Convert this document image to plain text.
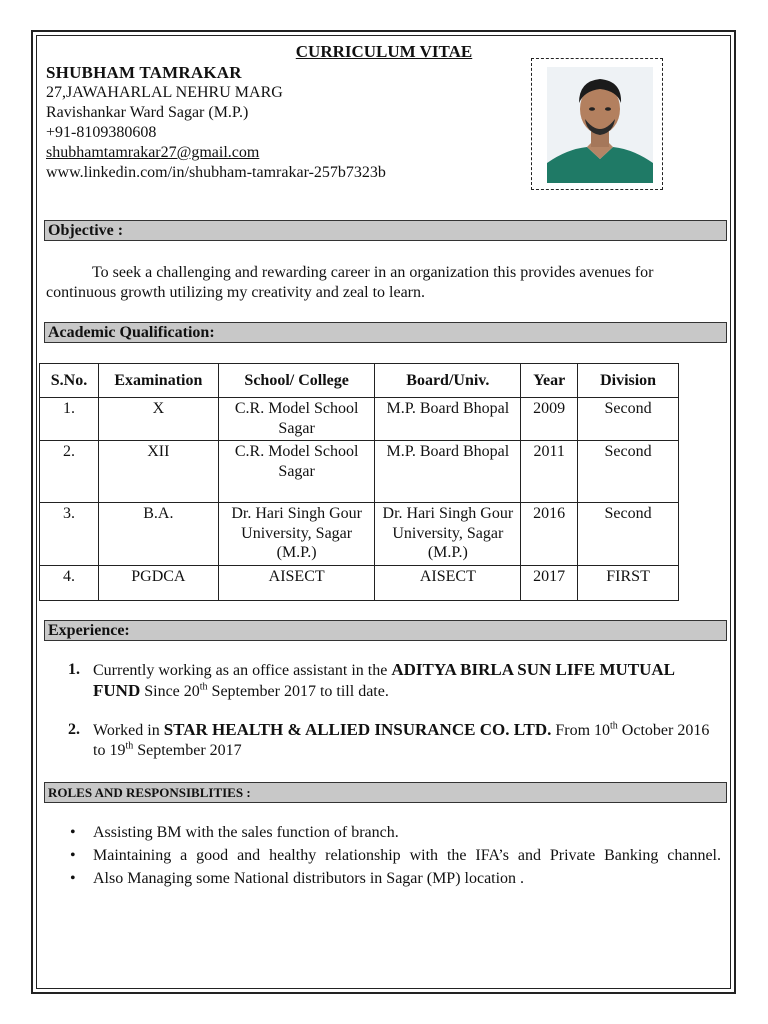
CURRICULUM VITAE
SHUBHAM TAMRAKAR
27,JAWAHARLAL NEHRU MARG
Ravishankar Ward Sagar (M.P.)
+91-8109380608
shubhamtamrakar27@gmail.com
www.linkedin.com/in/shubham-tamrakar-257b7323b
Objective :
To seek a challenging and rewarding career in an organization this provides avenues for continuous growth utilizing my creativity and zeal to learn.
Academic Qualification:
S.No.	Examination	School/ College	Board/Univ.	Year	Division
1.	X	C.R. Model School Sagar	M.P. Board Bhopal	2009	Second
2.	XII	C.R. Model School Sagar	M.P. Board Bhopal	2011	Second
3.	B.A.	Dr. Hari Singh Gour University, Sagar (M.P.)	Dr. Hari Singh Gour University, Sagar (M.P.)	2016	Second
4.	PGDCA	AISECT	AISECT	2017	FIRST
Experience:
1. Currently working as an office assistant in the ADITYA BIRLA SUN LIFE MUTUAL FUND Since 20th September 2017 to till date.
2. Worked in STAR HEALTH & ALLIED INSURANCE CO. LTD. From 10th October 2016 to 19th September 2017
ROLES AND RESPONSIBLITIES :
• Assisting BM with the sales function of branch.
• Maintaining a good and healthy relationship with the IFA’s and Private Banking channel.
• Also Managing some National distributors in Sagar (MP) location .
